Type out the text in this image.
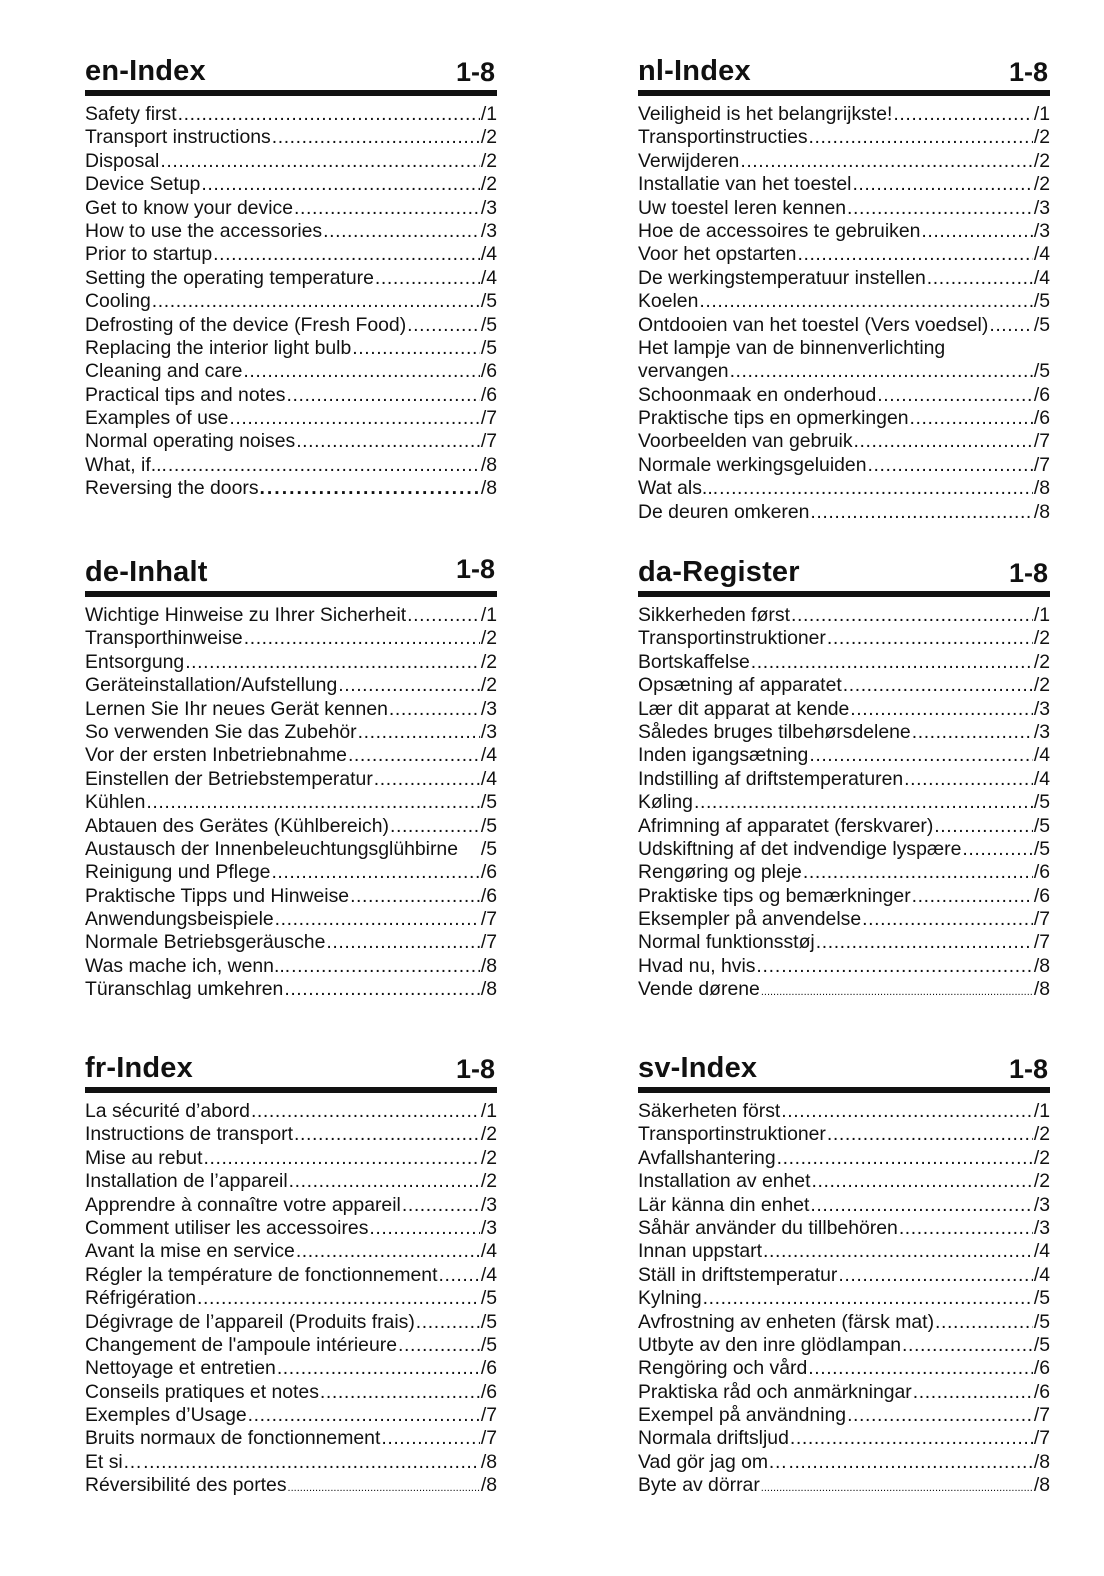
en-Index	1-8
Safety first .....	/1
Transport instructions .....	/2
Disposal .....	/2
Device Setup .....	/2
Get to know your device .....	/3
How to use the accessories .....	/3
Prior to startup .....	/4
Setting the operating temperature .....	/4
Cooling .....	/5
Defrosting of the device (Fresh Food) .....	/5
Replacing the interior light bulb .....	/5
Cleaning and care .....	/6
Practical tips and notes .....	/6
Examples of use .....	/7
Normal operating noises .....	/7
What, if... .....	/8
Reversing the doors .....	/8
nl-Index	1-8
Veiligheid is het belangrijkste! .....	/1
Transportinstructies .....	/2
Verwijderen .....	/2
Installatie van het toestel .....	/2
Uw toestel leren kennen .....	/3
Hoe de accessoires te gebruiken .....	/3
Voor het opstarten .....	/4
De werkingstemperatuur instellen .....	/4
Koelen .....	/5
Ontdooien van het toestel (Vers voedsel) ..... /5
Het lampje van de binnenverlichting
vervangen .....	/5
Schoonmaak en onderhoud .....	/6
Praktische tips en opmerkingen .....	/6
Voorbeelden van gebruik .....	/7
Normale werkingsgeluiden .....	/7
Wat als... .....	/8
De deuren omkeren .....	/8
de-Inhalt	1-8
Wichtige Hinweise zu Ihrer Sicherheit .....	/1
Transporthinweise .....	/2
Entsorgung .....	/2
Geräteinstallation/Aufstellung .....	/2
Lernen Sie Ihr neues Gerät kennen .....	/3
So verwenden Sie das Zubehör .....	/3
Vor der ersten Inbetriebnahme .....	/4
Einstellen der Betriebstemperatur .....	/4
Kühlen .....	/5
Abtauen des Gerätes (Kühlbereich) .....	/5
Austausch der Innenbeleuchtungsglühbirne /5
Reinigung und Pflege .....	/6
Praktische Tipps und Hinweise .....	/6
Anwendungsbeispiele .....	/7
Normale Betriebsgeräusche .....	/7
Was mache ich, wenn... .....	/8
Türanschlag umkehren .....	/8
da-Register	1-8
Sikkerheden først .....	/1
Transportinstruktioner .....	/2
Bortskaffelse .....	/2
Opsætning af apparatet .....	/2
Lær dit apparat at kende .....	/3
Således bruges tilbehørsdelene .....	/3
Inden igangsætning .....	/4
Indstilling af driftstemperaturen .....	/4
Køling .....	/5
Afrimning af apparatet (ferskvarer) .....	/5
Udskiftning af det indvendige lyspære .....	/5
Rengøring og pleje .....	/6
Praktiske tips og bemærkninger .....	/6
Eksempler på anvendelse .....	/7
Normal funktionsstøj .....	/7
Hvad nu, hvis…. .....	/8
Vende dørene .....	/8
fr-Index	1-8
La sécurité d’abord .....	/1
Instructions de transport .....	/2
Mise au rebut .....	/2
Installation de l’appareil .....	/2
Apprendre à connaître votre appareil .....	/3
Comment utiliser les accessoires .....	/3
Avant la mise en service .....	/4
Régler la température de fonctionnement ..... /4
Réfrigération .....	/5
Dégivrage de l’appareil (Produits frais) .....	/5
Changement de l'ampoule intérieure .....	/5
Nettoyage et entretien .....	/6
Conseils pratiques et notes .....	/6
Exemples d’Usage .....	/7
Bruits normaux de fonctionnement .....	/7
Et si… .....	/8
Réversibilité des portes .....	/8
sv-Index	1-8
Säkerheten först .....	/1
Transportinstruktioner .....	/2
Avfallshantering .....	/2
Installation av enhet .....	/2
Lär känna din enhet .....	/3
Såhär använder du tillbehören .....	/3
Innan uppstart .....	/4
Ställ in driftstemperatur .....	/4
Kylning .....	/5
Avfrostning av enheten (färsk mat) .....	/5
Utbyte av den inre glödlampan .....	/5
Rengöring och vård .....	/6
Praktiska råd och anmärkningar .....	/6
Exempel på användning .....	/7
Normala driftsljud .....	/7
Vad gör jag om… .....	/8
Byte av dörrar .....	/8
